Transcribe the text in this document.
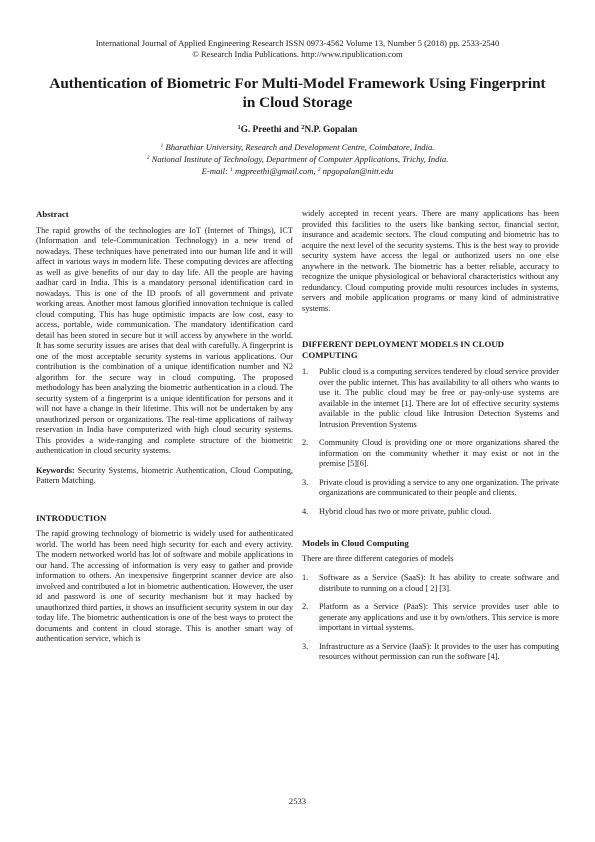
International Journal of Applied Engineering Research ISSN 0973-4562 Volume 13, Number 5 (2018) pp. 2533-2540
© Research India Publications. http://www.ripublication.com
Authentication of Biometric For Multi-Model Framework Using Fingerprint in Cloud Storage
$^1$G. Preethi and $^2$N.P. Gopalan
$^1$ Bharathiar University, Research and Development Centre, Coimbatore, India.
$^2$ National Institute of Technology, Department of Computer Applications, Trichy, India.
E-mail: $^1$ mgpreethi@gmail.com, $^2$ npgopalan@nitt.edu
Abstract

The rapid growths of the technologies are IoT (Internet of Things), ICT (Information and tele-Communication Technology) in a new trend of nowadays. These techniques have penetrated into our human life and it will affect in various ways in modern life. These computing devices are affecting as well as give benefits of our day to day life. All the people are having aadhar card in India. This is a mandatory personal identification card in nowadays. This is one of the ID proofs of all government and private working areas. Another most famous glorified innovation technique is called cloud computing. This has huge optimistic impacts are low cost, easy to access, portable, wide communication. The mandatory identification card detail has been stored in secure but it will access by anywhere in the world. It has some security issues are arises that deal with carefully. A fingerprint is one of the most acceptable security systems in various applications. Our contribution is the combination of a unique identification number and N2 algorithm for the secure way in cloud computing. The proposed methodology has been analyzing the biometric authentication in a cloud. The security system of a fingerprint is a unique identification for persons and it will not have a change in their lifetime. This will not be undertaken by any unauthorized person or organizations. The real-time applications of railway reservation in India have computerized with high cloud security systems. This provides a wide-ranging and complete structure of the biometric authentication in cloud security systems.

Keywords: Security Systems, biometric Authentication, Cloud Computing, Pattern Matching.

INTRODUCTION

The rapid growing technology of biometric is widely used for authenticated world. The world has been need high security for each and every activity. The modern networked world has lot of software and mobile applications in our hand. The accessing of information is very easy to gather and provide information to others. An inexpensive fingerprint scanner device are also involved and contributed a lot in biometric authentication. However, the user id and password is one of security mechanism but it may hacked by unauthorized third parties, it shows an insufficient security system in our day today life. The biometric authentication is one of the best ways to protect the documents and content in cloud storage. This is another smart way of authentication service, which is

widely accepted in recent years. There are many applications has been provided this facilities to the users like banking sector, financial sector, insurance and academic sectors. The cloud computing and biometric has to acquire the next level of the security systems. This is the best way to provide security system have access the legal or authorized users no one else anywhere in the network. The biometric has a better reliable, accuracy to recognize the unique physiological or behavioral characteristics without any redundancy. Cloud computing provide multi resources includes in systems, servers and mobile application programs or many kind of administrative systems.

DIFFERENT DEPLOYMENT MODELS IN CLOUD COMPUTING
1.	Public cloud is a computing services tendered by cloud service provider over the public internet. This has availability to all others who wants to use it. The public cloud may be free or pay-only-use systems are available in the internet [1]. There are lot of effective security systems available in the public cloud like Intrusion Detection Systems and Intrusion Prevention Systems
2.	Community Cloud is providing one or more organizations shared the information on the community whether it may exist or not in the premise [5][6].
3.	Private cloud is providing a service to any one organization. The private organizations are communicated to their people and clients.
4.	Hybrid cloud has two or more private, public cloud.
Models in Cloud Computing

There are three different categories of models

1.	Software as a Service (SaaS): It has ability to create software and distribute to running on a cloud [ 2] [3].
2.	Platform as a Service (PaaS): This service provides user able to generate any applications and use it by own/others. This service is more important in virtual systems.
3.	Infrastructure as a Service (IaaS): It provides to the user has computing resources without permission can run the software [4].
2533
